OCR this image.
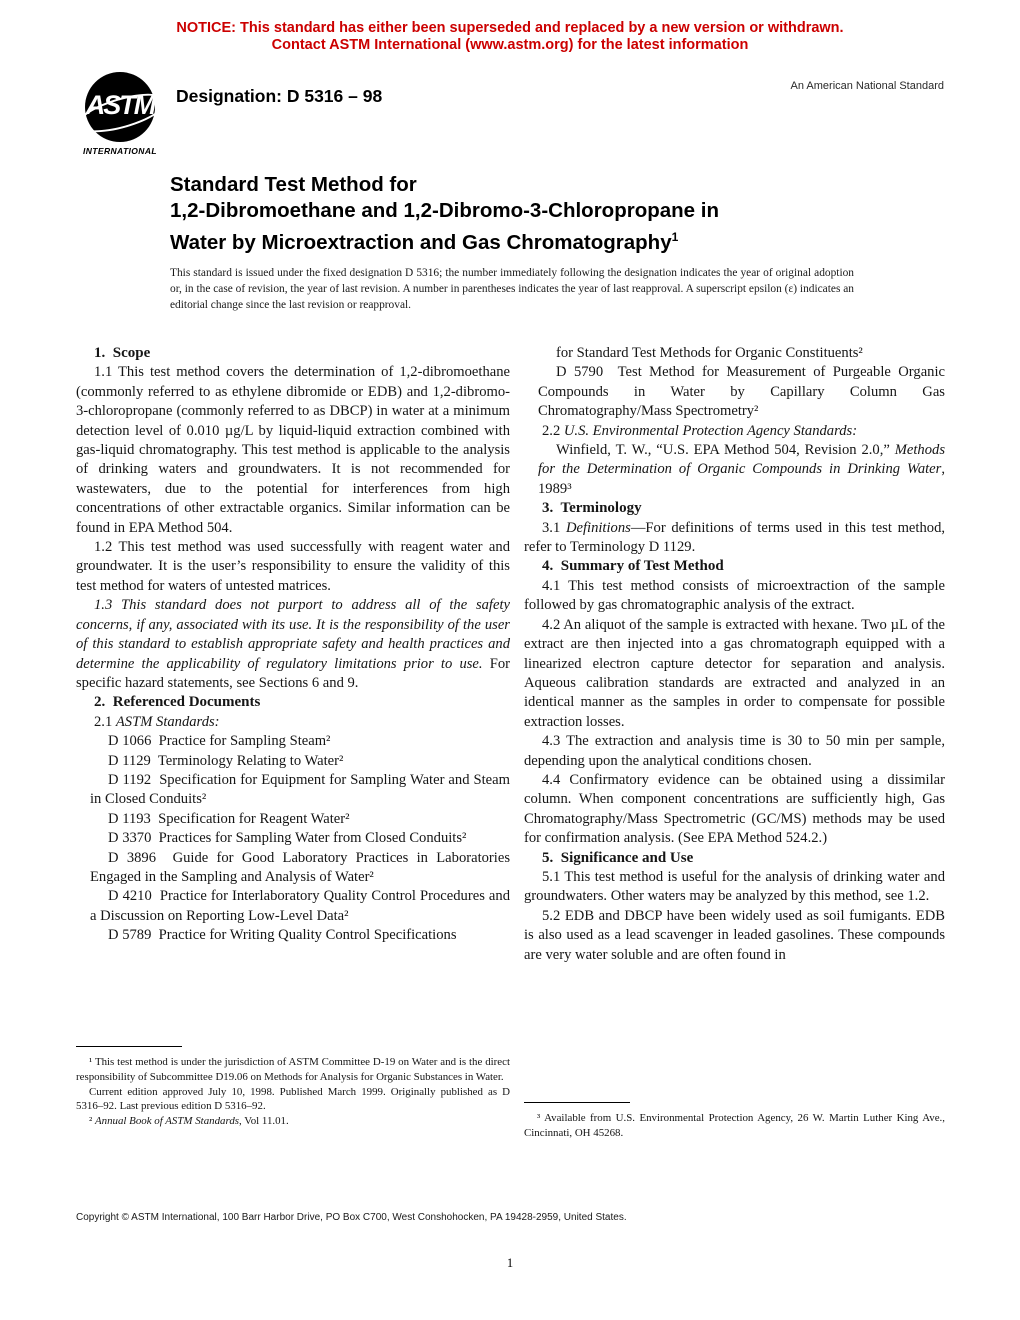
NOTICE: This standard has either been superseded and replaced by a new version or withdrawn.
Contact ASTM International (www.astm.org) for the latest information
ASTM
INTERNATIONAL
Designation: D 5316 – 98	An American National Standard
Standard Test Method for
1,2-Dibromoethane and 1,2-Dibromo-3-Chloropropane in
Water by Microextraction and Gas Chromatography$^1$
This standard is issued under the fixed designation D 5316; the number immediately following the designation indicates the year of original adoption or, in the case of revision, the year of last revision. A number in parentheses indicates the year of last reapproval. A superscript epsilon (ε) indicates an editorial change since the last revision or reapproval.

1.  Scope

1.1 This test method covers the determination of 1,2-dibromoethane (commonly referred to as ethylene dibromide or EDB) and 1,2-dibromo-3-chloropropane (commonly referred to as DBCP) in water at a minimum detection level of 0.010 µg/L by liquid-liquid extraction combined with gas-liquid chromatography. This test method is applicable to the analysis of drinking waters and groundwaters. It is not recommended for wastewaters, due to the potential for interferences from high concentrations of other extractable organics. Similar information can be found in EPA Method 504.

1.2 This test method was used successfully with reagent water and groundwater. It is the user’s responsibility to ensure the validity of this test method for waters of untested matrices.

1.3 This standard does not purport to address all of the safety concerns, if any, associated with its use. It is the responsibility of the user of this standard to establish appropriate safety and health practices and determine the applicability of regulatory limitations prior to use. For specific hazard statements, see Sections 6 and 9.

2.  Referenced Documents

2.1 ASTM Standards:

D 1066  Practice for Sampling Steam²

D 1129  Terminology Relating to Water²

D 1192  Specification for Equipment for Sampling Water and Steam in Closed Conduits²

D 1193  Specification for Reagent Water²

D 3370  Practices for Sampling Water from Closed Conduits²

D 3896  Guide for Good Laboratory Practices in Laboratories Engaged in the Sampling and Analysis of Water²

D 4210  Practice for Interlaboratory Quality Control Procedures and a Discussion on Reporting Low-Level Data²

D 5789  Practice for Writing Quality Control Specifications

for Standard Test Methods for Organic Constituents²

D 5790  Test Method for Measurement of Purgeable Organic Compounds in Water by Capillary Column Gas Chromatography/Mass Spectrometry²

2.2 U.S. Environmental Protection Agency Standards:

Winfield, T. W., “U.S. EPA Method 504, Revision 2.0,” Methods for the Determination of Organic Compounds in Drinking Water, 1989³

3.  Terminology

3.1 Definitions—For definitions of terms used in this test method, refer to Terminology D 1129.

4.  Summary of Test Method

4.1 This test method consists of microextraction of the sample followed by gas chromatographic analysis of the extract.

4.2 An aliquot of the sample is extracted with hexane. Two µL of the extract are then injected into a gas chromatograph equipped with a linearized electron capture detector for separation and analysis. Aqueous calibration standards are extracted and analyzed in an identical manner as the samples in order to compensate for possible extraction losses.

4.3 The extraction and analysis time is 30 to 50 min per sample, depending upon the analytical conditions chosen.

4.4 Confirmatory evidence can be obtained using a dissimilar column. When component concentrations are sufficiently high, Gas Chromatography/Mass Spectrometric (GC/MS) methods may be used for confirmation analysis. (See EPA Method 524.2.)

5.  Significance and Use

5.1 This test method is useful for the analysis of drinking water and groundwaters. Other waters may be analyzed by this method, see 1.2.

5.2 EDB and DBCP have been widely used as soil fumigants. EDB is also used as a lead scavenger in leaded gasolines. These compounds are very water soluble and are often found in

¹ This test method is under the jurisdiction of ASTM Committee D-19 on Water and is the direct responsibility of Subcommittee D19.06 on Methods for Analysis for Organic Substances in Water.

Current edition approved July 10, 1998. Published March 1999. Originally published as D 5316–92. Last previous edition D 5316–92.

² Annual Book of ASTM Standards, Vol 11.01.	³ Available from U.S. Environmental Protection Agency, 26 W. Martin Luther King Ave., Cincinnati, OH 45268.

Copyright © ASTM International, 100 Barr Harbor Drive, PO Box C700, West Conshohocken, PA 19428-2959, United States.
1
